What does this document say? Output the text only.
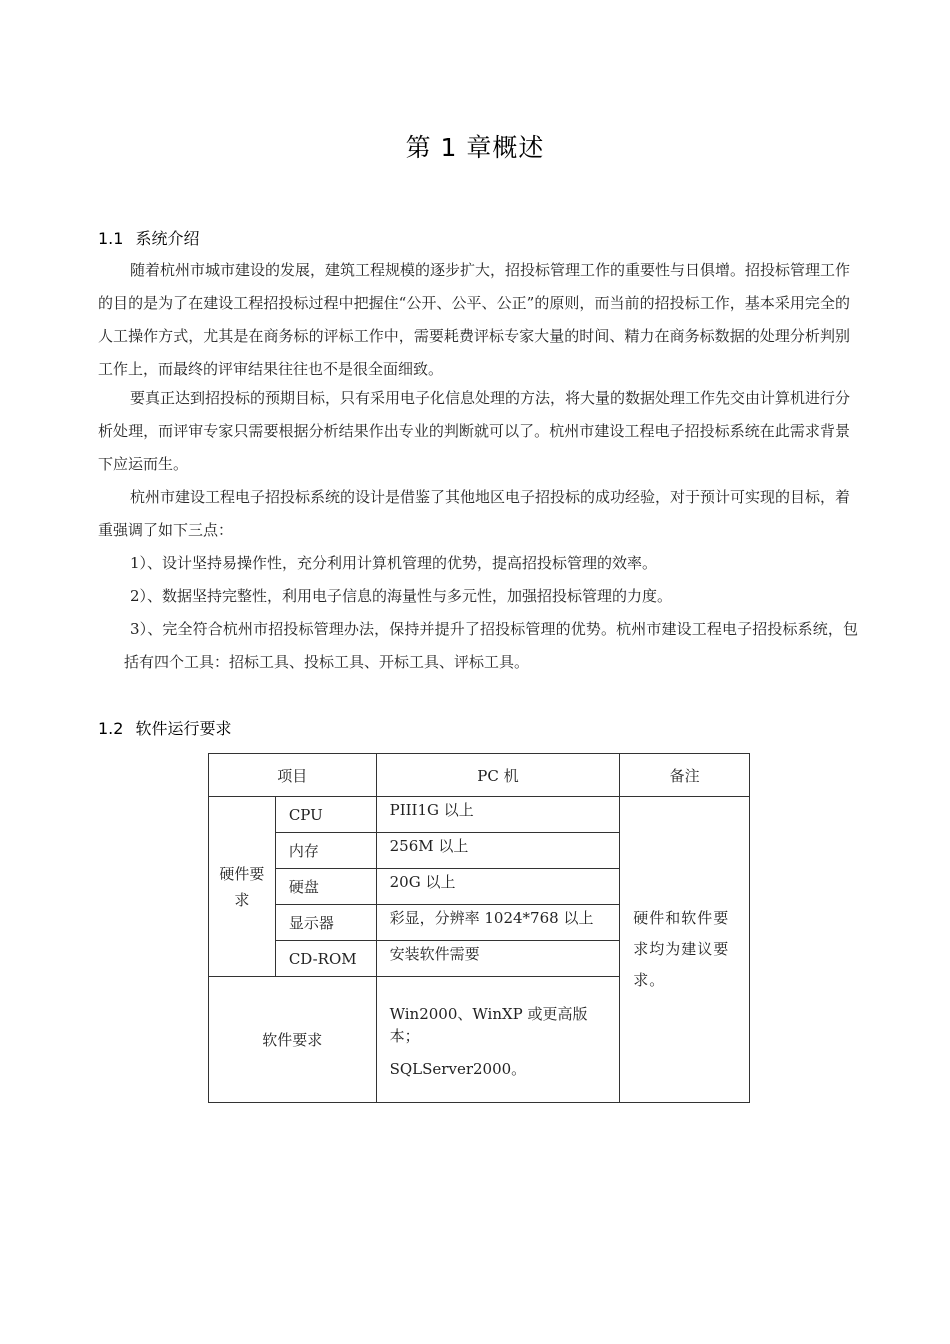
第 1 章概述
1.1 系统介绍
随着杭州市城市建设的发展，建筑工程规模的逐步扩大，招投标管理工作的重要性与日俱增。招投标管理工作的目的是为了在建设工程招投标过程中把握住“公开、公平、公正”的原则，而当前的招投标工作，基本采用完全的人工操作方式，尤其是在商务标的评标工作中，需要耗费评标专家大量的时间、精力在商务标数据的处理分析判别工作上，而最终的评审结果往往也不是很全面细致。
要真正达到招投标的预期目标，只有采用电子化信息处理的方法，将大量的数据处理工作先交由计算机进行分析处理，而评审专家只需要根据分析结果作出专业的判断就可以了。杭州市建设工程电子招投标系统在此需求背景下应运而生。
杭州市建设工程电子招投标系统的设计是借鉴了其他地区电子招投标的成功经验，对于预计可实现的目标，着重强调了如下三点：
1）、设计坚持易操作性，充分利用计算机管理的优势，提高招投标管理的效率。
2）、数据坚持完整性，利用电子信息的海量性与多元性，加强招投标管理的力度。
3）、完全符合杭州市招投标管理办法，保持并提升了招投标管理的优势。杭州市建设工程电子招投标系统，包括有四个工具：招标工具、投标工具、开标工具、评标工具。
1.2 软件运行要求
项目		PC 机	备注
硬件要求	CPU	PIII1G 以上	硬件和软件要求均为建议要求。
	内存	256M 以上	
	硬盘	20G 以上	
	显示器	彩显，分辨率 1024*768 以上	
	CD-ROM	安装软件需要	
软件要求		Win2000、WinXP 或更高版本；
SQLServer2000。	
